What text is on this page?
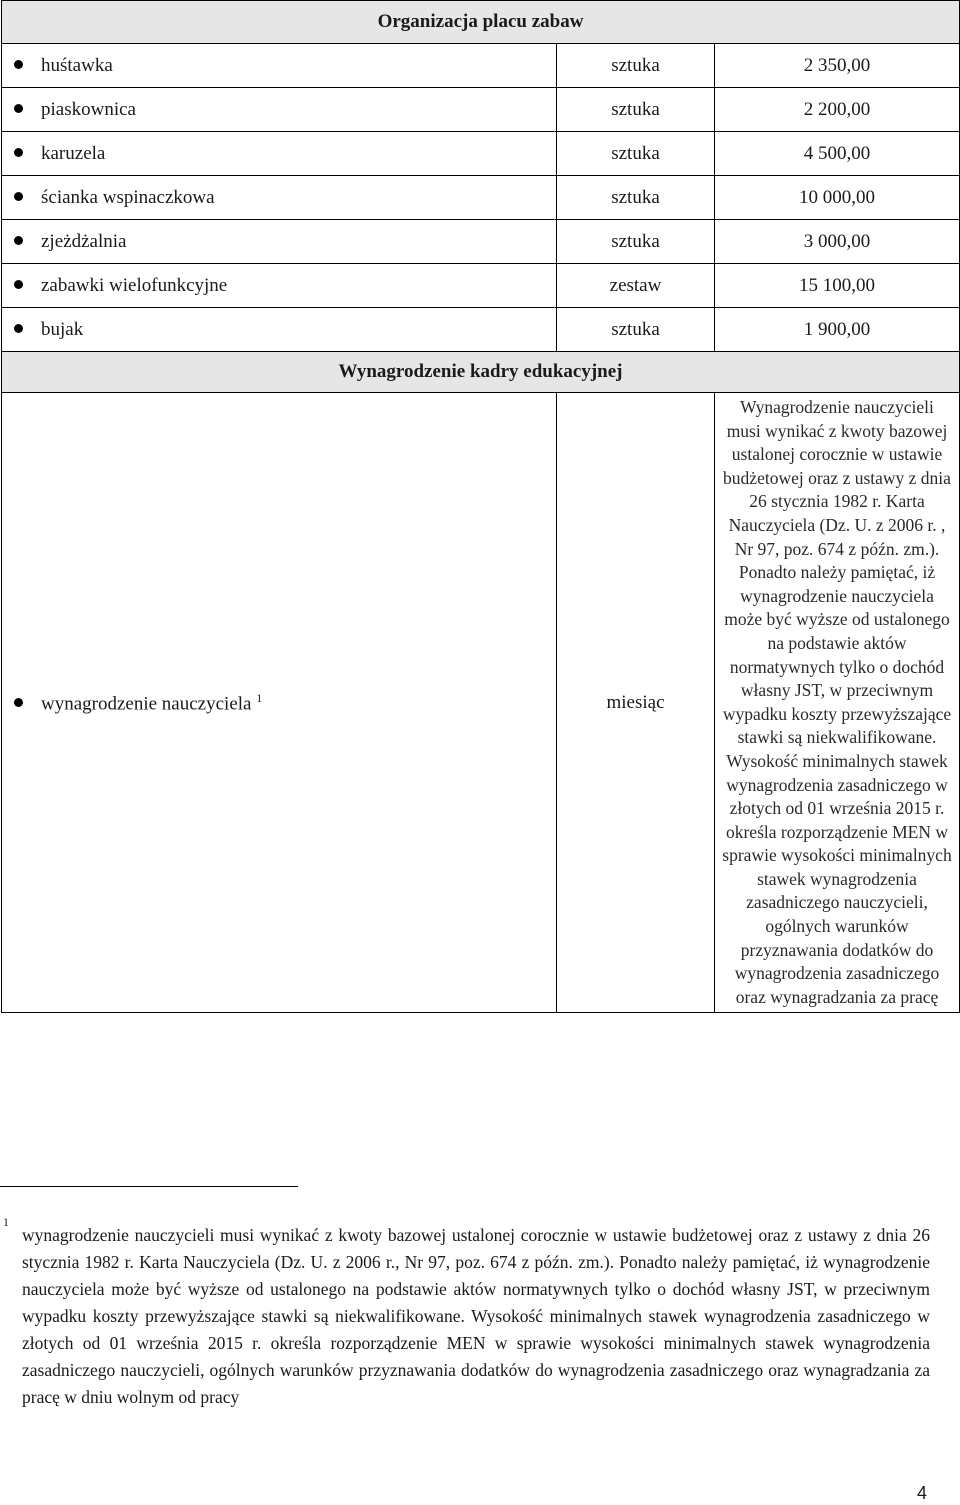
Organizacja placu zabaw		
huśtawka	sztuka	2 350,00
piaskownica	sztuka	2 200,00
karuzela	sztuka	4 500,00
ścianka wspinaczkowa	sztuka	10 000,00
zjeżdżalnia	sztuka	3 000,00
zabawki wielofunkcyjne	zestaw	15 100,00
bujak	sztuka	1 900,00
Wynagrodzenie kadry edukacyjnej		
wynagrodzenie nauczyciela $^1$	miesiąc	Wynagrodzenie nauczycieli musi wynikać z kwoty bazowej ustalonej corocznie w ustawie budżetowej oraz z ustawy z dnia 26 stycznia 1982 r. Karta Nauczyciela (Dz. U. z 2006 r. , Nr 97, poz. 674 z późn. zm.). Ponadto należy pamiętać, iż wynagrodzenie nauczyciela może być wyższe od ustalonego na podstawie aktów normatywnych tylko o dochód własny JST, w przeciwnym wypadku koszty przewyższające stawki są niekwalifikowane. Wysokość minimalnych stawek wynagrodzenia zasadniczego w złotych od 01 września 2015 r. określa rozporządzenie MEN w sprawie wysokości minimalnych stawek wynagrodzenia zasadniczego nauczycieli, ogólnych warunków przyznawania dodatków do wynagrodzenia zasadniczego oraz wynagradzania za pracę
1
wynagrodzenie nauczycieli musi wynikać z kwoty bazowej ustalonej corocznie w ustawie budżetowej oraz z ustawy z dnia 26 stycznia 1982 r. Karta Nauczyciela (Dz. U. z 2006 r., Nr 97, poz. 674 z późn. zm.). Ponadto należy pamiętać, iż wynagrodzenie nauczyciela może być wyższe od ustalonego na podstawie aktów normatywnych tylko o dochód własny JST, w przeciwnym wypadku koszty przewyższające stawki są niekwalifikowane. Wysokość minimalnych stawek wynagrodzenia zasadniczego w złotych od 01 września 2015 r. określa rozporządzenie MEN w sprawie wysokości minimalnych stawek wynagrodzenia zasadniczego nauczycieli, ogólnych warunków przyznawania dodatków do wynagrodzenia zasadniczego oraz wynagradzania za pracę w dniu wolnym od pracy
4
